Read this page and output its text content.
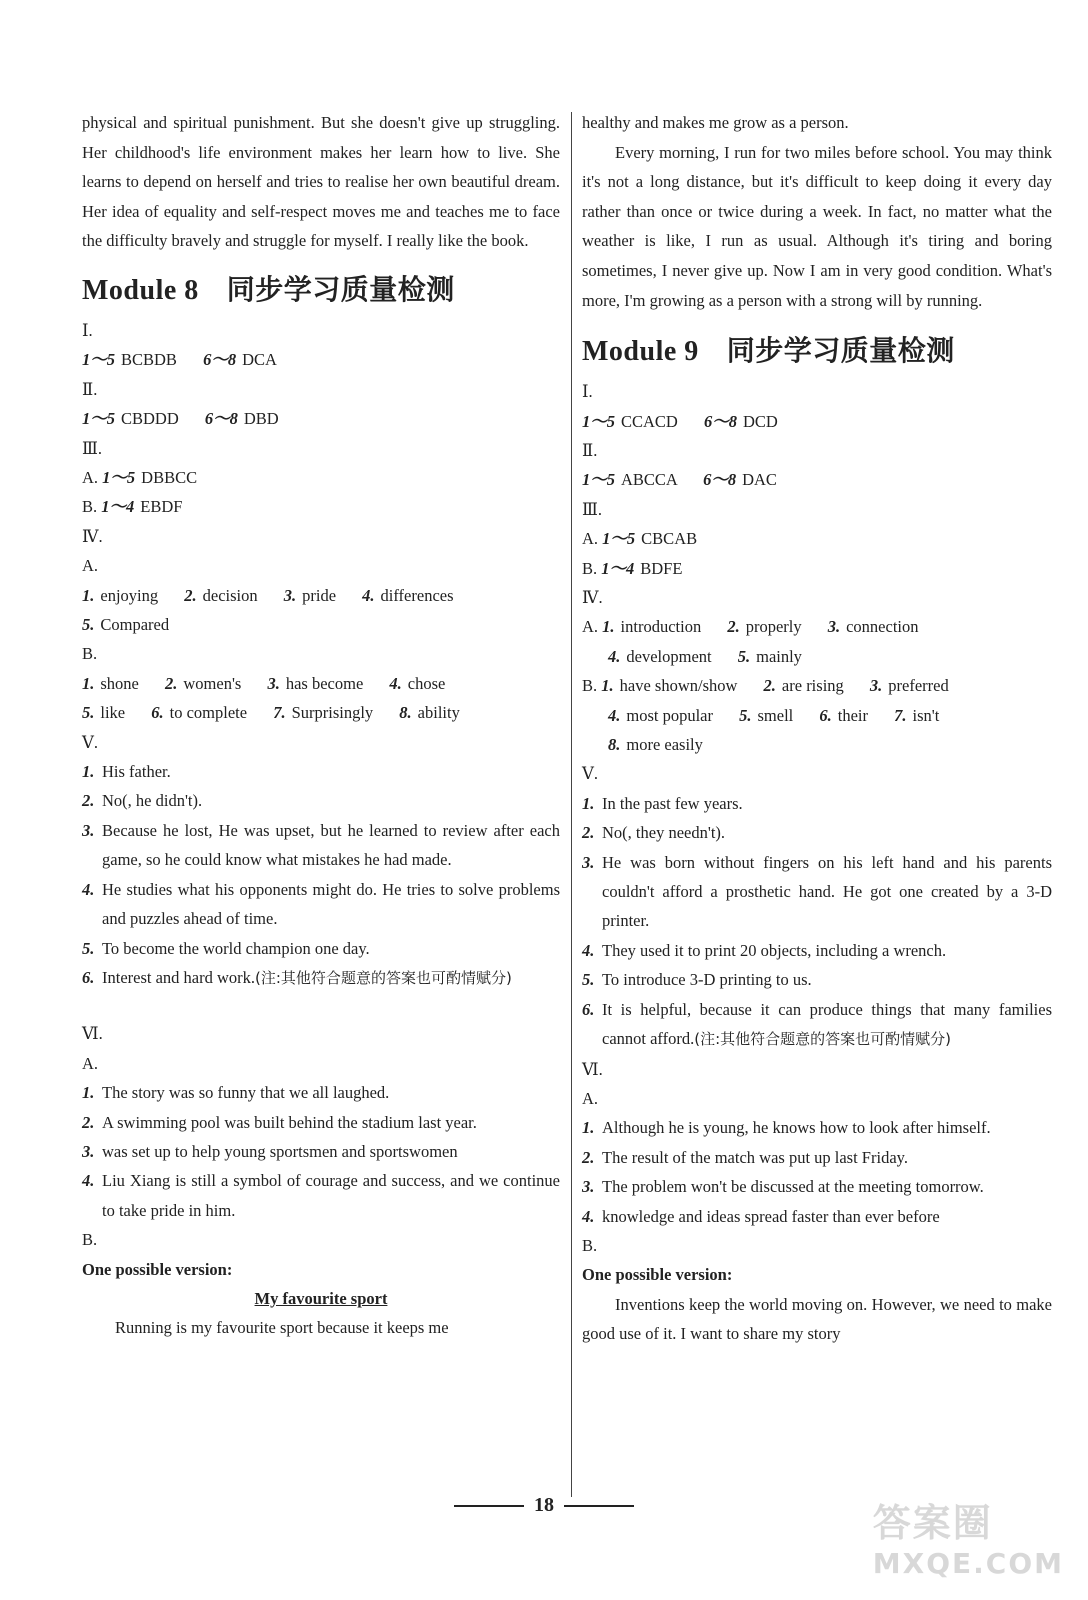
physical and spiritual punishment. But she doesn't give up struggling. Her childhood's life environment makes her learn how to live. She learns to depend on herself and tries to realise her own beautiful dream. Her idea of equality and self-respect moves me and teaches me to face the difficulty bravely and struggle for myself. I really like the book.

Module 8 同步学习质量检测
Ⅰ.
1～5 BCBDB 6～8 DCA
Ⅱ.
1～5 CBDDD 6～8 DBD
Ⅲ.
A. 1～5 DBBCC
B. 1～4 EBDF
Ⅳ.
A.
1. enjoying 2. decision 3. pride 4. differences
5. Compared
B.
1. shone 2. women's 3. has become 4. chose
5. like 6. to complete 7. Surprisingly 8. ability
Ⅴ.
1. His father.
2. No(, he didn't).
3. Because he lost, He was upset, but he learned to review after each game, so he could know what mistakes he had made.
4. He studies what his opponents might do. He tries to solve problems and puzzles ahead of time.
5. To become the world champion one day.
6. Interest and hard work.(注:其他符合题意的答案也可酌情赋分)
Ⅵ.
A.
1. The story was so funny that we all laughed.
2. A swimming pool was built behind the stadium last year.
3. was set up to help young sportsmen and sportswomen
4. Liu Xiang is still a symbol of courage and success, and we continue to take pride in him.
B.
One possible version:
My favourite sport

Running is my favourite sport because it keeps me

healthy and makes me grow as a person.

Every morning, I run for two miles before school. You may think it's not a long distance, but it's difficult to keep doing it every day rather than once or twice during a week. In fact, no matter what the weather is like, I run as usual. Although it's tiring and boring sometimes, I never give up. Now I am in very good condition. What's more, I'm growing as a person with a strong will by running.

Module 9 同步学习质量检测
Ⅰ.
1～5 CCACD 6～8 DCD
Ⅱ.
1～5 ABCCA 6～8 DAC
Ⅲ.
A. 1～5 CBCAB
B. 1～4 BDFE
Ⅳ.
A. 1. introduction 2. properly 3. connection
4. development 5. mainly
B. 1. have shown/show 2. are rising 3. preferred
4. most popular 5. smell 6. their 7. isn't
8. more easily
Ⅴ.
1. In the past few years.
2. No(, they needn't).
3. He was born without fingers on his left hand and his parents couldn't afford a prosthetic hand. He got one created by a 3-D printer.
4. They used it to print 20 objects, including a wrench.
5. To introduce 3-D printing to us.
6. It is helpful, because it can produce things that many families cannot afford.(注:其他符合题意的答案也可酌情赋分)
Ⅵ.
A.
1. Although he is young, he knows how to look after himself.
2. The result of the match was put up last Friday.
3. The problem won't be discussed at the meeting tomorrow.
4. knowledge and ideas spread faster than ever before
B.
One possible version:

Inventions keep the world moving on. However, we need to make good use of it. I want to share my story

18	答案圈
MXQE.COM
